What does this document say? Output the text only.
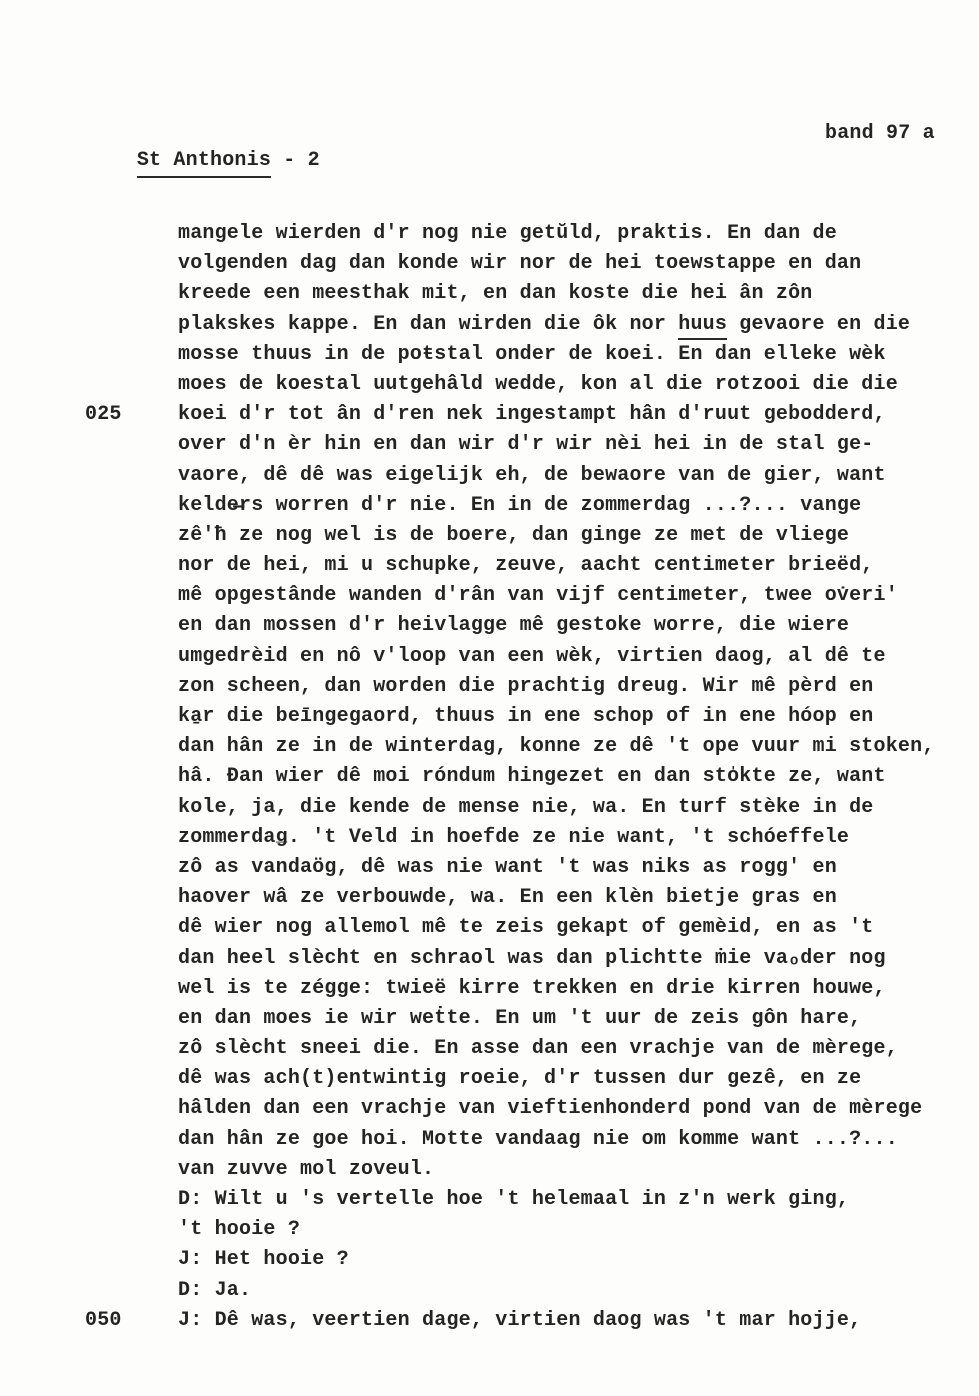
St Anthonis - 2

band 97 a
mangele wierden d'r nog nie getŭld, praktis. En dan de
volgenden dag dan konde wir nor de hei toewstappe en dan
kreede een meesthak mit, en dan koste die hei ân zôn
plakskes kappe. En dan wirden die ôk nor huus gevaore en die
mosse thuus in de poŧstal onder de koei. En dan elleke wèk
moes de koestal uutgehâld wedde, kon al die rotzooi die die
025	koei d'r tot ân d'ren nek ingestampt hân d'ruut gebodderd,
over d'n èr hin en dan wir d'r wir nèi hei in de stal ge-
vaore, dê dê was eigelijk eh, de bewaore van de gier, want
kelde̶rs worren d'r nie. En in de zommerdag ...?... vange
zê'ħ ze nog wel is de boere, dan ginge ze met de vliege
nor de hei, mi u schupke, zeuve, aacht centimeter brieëd,
mê opgestânde wanden d'rân van vijf centimeter, twee ov̇eri'
en dan mossen d'r heivlagge mê gestoke worre, die wiere
umgedrèid en nô v'loop van een wèk, virtien daog, al dê te
zon scheen, dan worden die prachtig dreug. Wir mê pèrd en
ka̱r die beīngegaord, thuus in ene schop of in ene hóop en
dan hân ze in de winterdag, konne ze dê 't ope vuur mi stoken,
hâ. Ðan wier dê moi róndum hingezet en dan sto̍kte ze, want
kole, ja, die kende de mense nie, wa. En turf stèke in de
zommerdaǥ. 't Veld in hoefde ze nie want, 't schóeffele
zô as vandaög, dê was nie want 't was niks as rogg' en
haover wâ ze verbouwde, wa. En een klèn bietje gras en
dê wier nog allemol mê te zeis gekapt of gemèid, en as 't
dan heel slècht en schraol was dan plichtte ṁie vaₒder nog
wel is te zégge: twieë kirre trekken en drie kirren houwe,
en dan moes ie wir weṫte. En um 't uur de zeis gôn hare,
zô slècht sneei die. En asse dan een vrachje van de mèrege,
dê was ach(t)entwintig roeie, d'r tussen dur gezê, en ze
hâlden dan een vrachje van vieftienhonderd pond van de mèrege
dan hân ze goe hoi. Motte vandaag nie om komme want ...?...
van zuvve mol zoveul.
D: Wilt u 's vertelle hoe 't helemaal in z'n werk ging,
't hooie ?
J: Het hooie ?
D: Ja.
050	J: Dê was, veertien dage, virtien daog was 't mar hojje,
